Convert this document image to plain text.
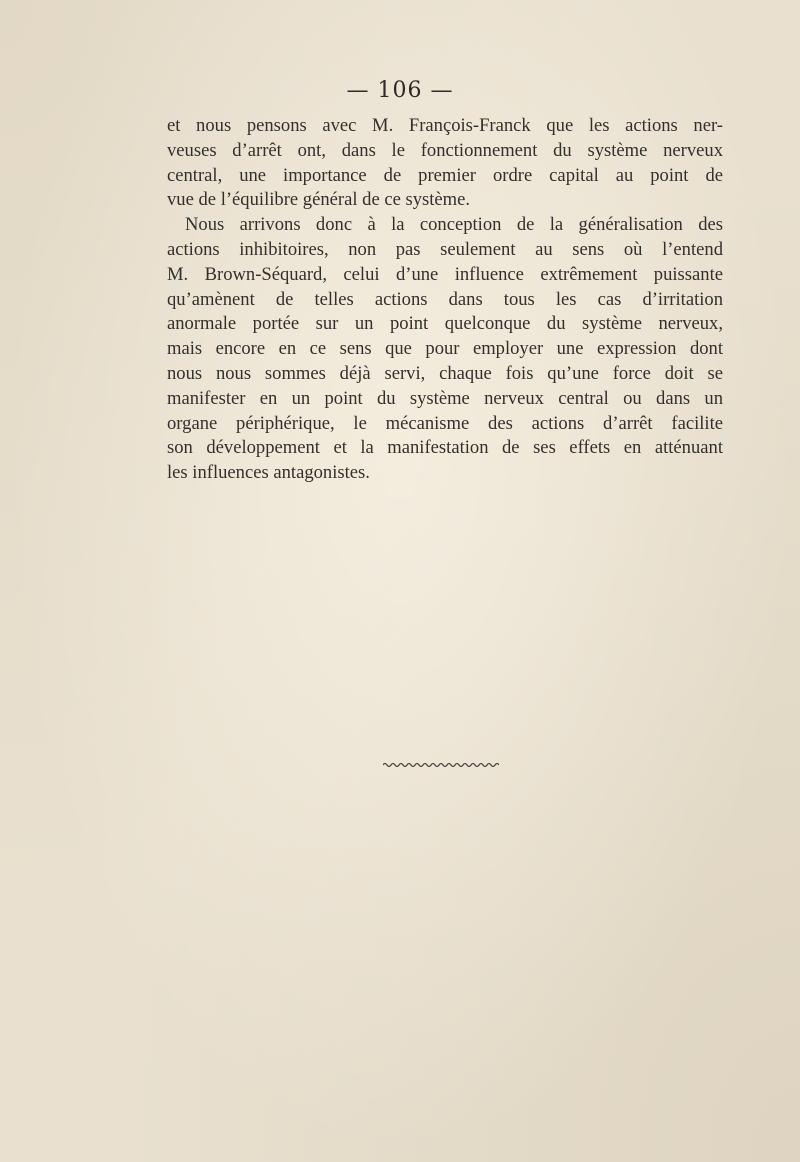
— 106 —
et nous pensons avec M. François-Franck que les actions ner-
veuses d’arrêt ont, dans le fonctionnement du système nerveux
central, une importance de premier ordre capital au point de
vue de l’équilibre général de ce système.
Nous arrivons donc à la conception de la généralisation des
actions inhibitoires, non pas seulement au sens où l’entend
M. Brown-Séquard, celui d’une influence extrêmement puissante
qu’amènent de telles actions dans tous les cas d’irritation
anormale portée sur un point quelconque du système nerveux,
mais encore en ce sens que pour employer une expression dont
nous nous sommes déjà servi, chaque fois qu’une force doit se
manifester en un point du système nerveux central ou dans un
organe périphérique, le mécanisme des actions d’arrêt facilite
son développement et la manifestation de ses effets en atténuant
les influences antagonistes.
